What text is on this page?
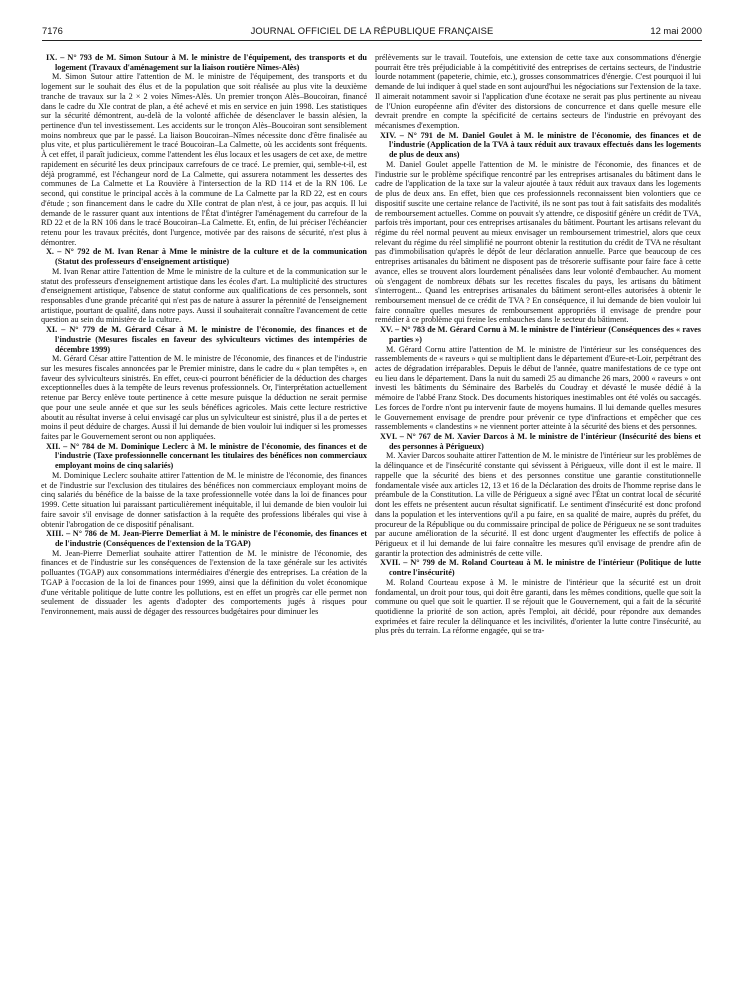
7176	JOURNAL OFFICIEL DE LA RÉPUBLIQUE FRANÇAISE	12 mai 2000

IX. – N° 793 de M. Simon Sutour à M. le ministre de l'équipement, des transports et du logement (Travaux d'aménagement sur la liaison routière Nîmes-Alès)

M. Simon Sutour attire l'attention de M. le ministre de l'équipement, des transports et du logement sur le souhait des élus et de la population que soit réalisée au plus vite la deuxième tranche de travaux sur la 2 × 2 voies Nîmes-Alès. Un premier tronçon Alès–Boucoiran, financé dans le cadre du XIe contrat de plan, a été achevé et mis en service en juin 1998. Les statistiques sur la sécurité démontrent, au-delà de la volonté affichée de désenclaver le bassin alésien, la pertinence d'un tel investissement. Les accidents sur le tronçon Alès–Boucoiran sont sensiblement moins nombreux que par le passé. La liaison Boucoiran–Nîmes nécessite donc d'être finalisée au plus vite, et plus particulièrement le tracé Boucoiran–La Calmette, où les accidents sont fréquents. À cet effet, il paraît judicieux, comme l'attendent les élus locaux et les usagers de cet axe, de mettre rapidement en sécurité les deux principaux carrefours de ce tracé. Le premier, qui, semble-t-il, est déjà programmé, est l'échangeur nord de La Calmette, qui assurera notamment les dessertes des communes de La Calmette et La Rouvière à l'intersection de la RD 114 et de la RN 106. Le second, qui constitue le principal accès à la commune de La Calmette par la RD 22, est en cours d'étude ; son financement dans le cadre du XIIe contrat de plan n'est, à ce jour, pas acquis. Il lui demande de le rassurer quant aux intentions de l'État d'intégrer l'aménagement du carrefour de la RD 22 et de la RN 106 dans le tracé Boucoiran–La Calmette. Et, enfin, de lui préciser l'échéancier retenu pour les travaux précités, dont l'urgence, motivée par des raisons de sécurité, n'est plus à démontrer.

X. – N° 792 de M. Ivan Renar à Mme le ministre de la culture et de la communication (Statut des professeurs d'enseignement artistique)

M. Ivan Renar attire l'attention de Mme le ministre de la culture et de la communication sur le statut des professeurs d'enseignement artistique dans les écoles d'art. La multiplicité des structures d'enseignement artistique, l'absence de statut conforme aux qualifications de ces personnels, sont responsables d'une grande précarité qui n'est pas de nature à assurer la pérennité de l'enseignement artistique, pourtant de qualité, dans notre pays. Aussi il souhaiterait connaître l'avancement de cette question au sein du ministère de la culture.

XI. – N° 779 de M. Gérard César à M. le ministre de l'économie, des finances et de l'industrie (Mesures fiscales en faveur des sylviculteurs victimes des intempéries de décembre 1999)

M. Gérard César attire l'attention de M. le ministre de l'économie, des finances et de l'industrie sur les mesures fiscales annoncées par le Premier ministre, dans le cadre du « plan tempêtes », en faveur des sylviculteurs sinistrés. En effet, ceux-ci pourront bénéficier de la déduction des charges exceptionnelles dues à la tempête de leurs revenus professionnels. Or, l'interprétation actuellement retenue par Bercy enlève toute pertinence à cette mesure puisque la déduction ne serait permise que pour une seule année et que sur les seuls bénéfices agricoles. Mais cette lecture restrictive aboutit au résultat inverse à celui envisagé car plus un sylviculteur est sinistré, plus il a de pertes et moins il peut déduire de charges. Aussi il lui demande de bien vouloir lui indiquer si les promesses faites par le Gouvernement seront ou non appliquées.

XII. – N° 784 de M. Dominique Leclerc à M. le ministre de l'économie, des finances et de l'industrie (Taxe professionnelle concernant les titulaires des bénéfices non commerciaux employant moins de cinq salariés)

M. Dominique Leclerc souhaite attirer l'attention de M. le ministre de l'économie, des finances et de l'industrie sur l'exclusion des titulaires des bénéfices non commerciaux employant moins de cinq salariés du bénéfice de la baisse de la taxe professionnelle votée dans la loi de finances pour 1999. Cette situation lui paraissant particulièrement inéquitable, il lui demande de bien vouloir lui faire savoir s'il envisage de donner satisfaction à la requête des professions libérales qui vise à obtenir l'abrogation de ce dispositif pénalisant.

XIII. – N° 786 de M. Jean-Pierre Demerliat à M. le ministre de l'économie, des finances et de l'industrie (Conséquences de l'extension de la TGAP)

M. Jean-Pierre Demerliat souhaite attirer l'attention de M. le ministre de l'économie, des finances et de l'industrie sur les conséquences de l'extension de la taxe générale sur les activités polluantes (TGAP) aux consommations intermédiaires d'énergie des entreprises. La création de la TGAP à l'occasion de la loi de finances pour 1999, ainsi que la définition du volet économique d'une véritable politique de lutte contre les pollutions, est en effet un progrès car elle permet non seulement de dissuader les agents d'adopter des comportements jugés à risques pour l'environnement, mais aussi de dégager des ressources budgétaires pour diminuer les

prélèvements sur le travail. Toutefois, une extension de cette taxe aux consommations d'énergie pourrait être très préjudiciable à la compétitivité des entreprises de certains secteurs, de l'industrie lourde notamment (papeterie, chimie, etc.), grosses consommatrices d'énergie. C'est pourquoi il lui demande de lui indiquer à quel stade en sont aujourd'hui les négociations sur l'extension de la taxe. Il aimerait notamment savoir si l'application d'une écotaxe ne serait pas plus pertinente au niveau de l'Union européenne afin d'éviter des distorsions de concurrence et dans quelle mesure elle devrait prendre en compte la spécificité de certains secteurs de l'industrie en prévoyant des mécanismes d'exemption.

XIV. – N° 791 de M. Daniel Goulet à M. le ministre de l'économie, des finances et de l'industrie (Application de la TVA à taux réduit aux travaux effectués dans les logements de plus de deux ans)

M. Daniel Goulet appelle l'attention de M. le ministre de l'économie, des finances et de l'industrie sur le problème spécifique rencontré par les entreprises artisanales du bâtiment dans le cadre de l'application de la taxe sur la valeur ajoutée à taux réduit aux travaux dans les logements de plus de deux ans. En effet, bien que ces professionnels reconnaissent bien volontiers que ce dispositif suscite une certaine relance de l'activité, ils ne sont pas tout à fait satisfaits des modalités de remboursement actuelles. Comme on pouvait s'y attendre, ce dispositif génère un crédit de TVA, parfois très important, pour ces entreprises artisanales du bâtiment. Pourtant les artisans relevant du régime du réel normal peuvent au mieux envisager un remboursement trimestriel, alors que ceux relevant du régime du réel simplifié ne pourront obtenir la restitution du crédit de TVA ne résultant pas d'immobilisation qu'après le dépôt de leur déclaration annuelle. Parce que beaucoup de ces entreprises artisanales du bâtiment ne disposent pas de trésorerie suffisante pour faire face à cette avance, elles se trouvent alors lourdement pénalisées dans leur volonté d'embaucher. Au moment où s'engagent de nombreux débats sur les recettes fiscales du pays, les artisans du bâtiment s'interrogent... Quand les entreprises artisanales du bâtiment seront-elles autorisées à obtenir le remboursement mensuel de ce crédit de TVA ? En conséquence, il lui demande de bien vouloir lui faire connaître quelles mesures de remboursement appropriées il envisage de prendre pour remédier à ce problème qui freine les embauches dans le secteur du bâtiment.

XV. – N° 783 de M. Gérard Cornu à M. le ministre de l'intérieur (Conséquences des « raves parties »)

M. Gérard Cornu attire l'attention de M. le ministre de l'intérieur sur les conséquences des rassemblements de « raveurs » qui se multiplient dans le département d'Eure-et-Loir, perpétrant des actes de dégradation irréparables. Depuis le début de l'année, quatre manifestations de ce type ont eu lieu dans le département. Dans la nuit du samedi 25 au dimanche 26 mars, 2000 « raveurs » ont investi les bâtiments du Séminaire des Barbelés du Coudray et dévasté le musée dédié à la mémoire de l'abbé Franz Stock. Des documents historiques inestimables ont été volés ou saccagés. Les forces de l'ordre n'ont pu intervenir faute de moyens humains. Il lui demande quelles mesures le Gouvernement envisage de prendre pour prévenir ce type d'infractions et empêcher que ces rassemblements « clandestins » ne viennent porter atteinte à la sécurité des biens et des personnes.

XVI. – N° 767 de M. Xavier Darcos à M. le ministre de l'intérieur (Insécurité des biens et des personnes à Périgueux)

M. Xavier Darcos souhaite attirer l'attention de M. le ministre de l'intérieur sur les problèmes de la délinquance et de l'insécurité constante qui sévissent à Périgueux, ville dont il est le maire. Il rappelle que la sécurité des biens et des personnes constitue une garantie constitutionnelle fondamentale visée aux articles 12, 13 et 16 de la Déclaration des droits de l'homme reprise dans le préambule de la Constitution. La ville de Périgueux a signé avec l'État un contrat local de sécurité dont les effets ne présentent aucun résultat significatif. Le sentiment d'insécurité est donc profond dans la population et les interventions qu'il a pu faire, en sa qualité de maire, auprès du préfet, du procureur de la République ou du commissaire principal de police de Périgueux ne se sont traduites par aucune amélioration de la sécurité. Il est donc urgent d'augmenter les effectifs de police à Périgueux et il lui demande de lui faire connaître les mesures qu'il envisage de prendre afin de garantir la protection des administrés de cette ville.

XVII. – N° 799 de M. Roland Courteau à M. le ministre de l'intérieur (Politique de lutte contre l'insécurité)

M. Roland Courteau expose à M. le ministre de l'intérieur que la sécurité est un droit fondamental, un droit pour tous, qui doit être garanti, dans les mêmes conditions, quelle que soit la commune ou quel que soit le quartier. Il se réjouit que le Gouvernement, qui a fait de la sécurité quotidienne la priorité de son action, après l'emploi, ait décidé, pour répondre aux demandes exprimées et faire reculer la délinquance et les incivilités, d'orienter la lutte contre l'insécurité, au plus près du terrain. La réforme engagée, qui se tra-
